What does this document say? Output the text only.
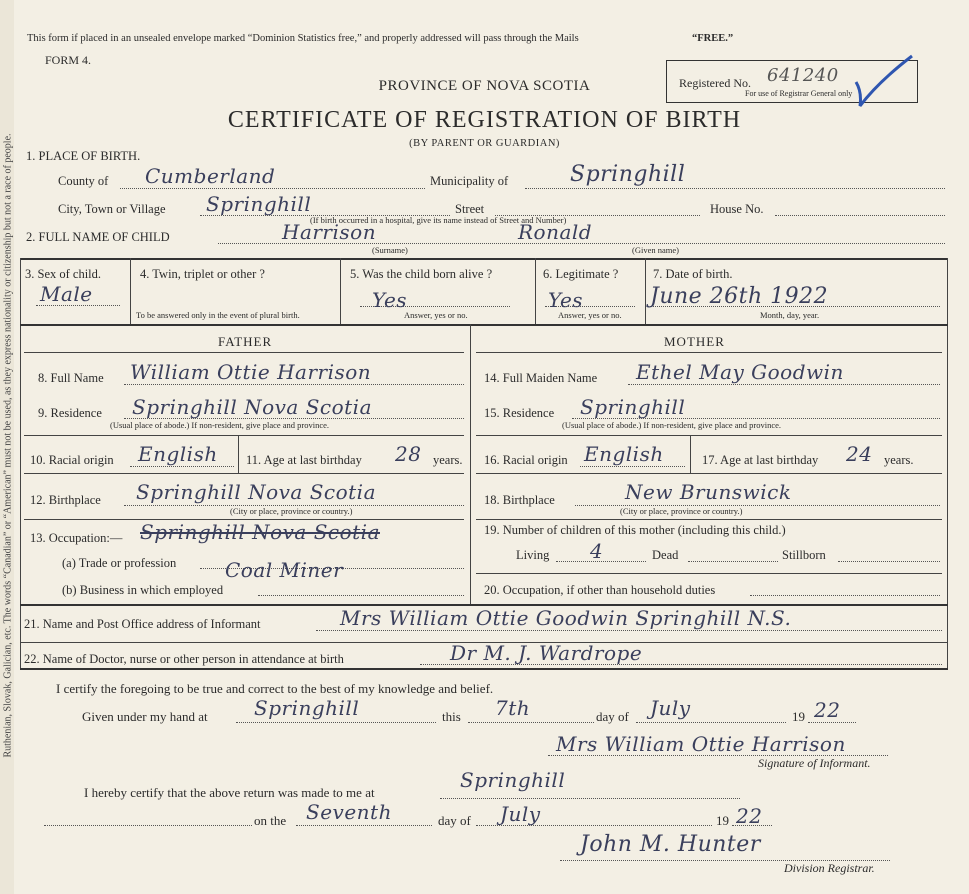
Ruthenian, Slovak, Galician, etc. The words “Canadian” or “American” must not be used, as they express nationality or citizenship but not a race of people.
This form if placed in an unsealed envelope marked “Dominion Statistics free,” and properly addressed will pass through the Mails	“FREE.”
FORM 4.
PROVINCE OF NOVA SCOTIA
CERTIFICATE OF REGISTRATION OF BIRTH
(BY PARENT OR GUARDIAN)
Registered No. 641240
For use of Registrar General only
1. PLACE OF BIRTH.
County of Cumberland	Municipality of	Springhill
City, Town or Village Springhill	Street	House No.
(If birth occurred in a hospital, give its name instead of Street and Number)
2. FULL NAME OF CHILD	Harrison	Ronald
(Surname)	(Given name)
3. Sex of child.
Male
4. Twin, triplet or other ?
To be answered only in the event of plural birth.
5. Was the child born alive ?
Yes
Answer, yes or no.
6. Legitimate ?
Yes
Answer, yes or no.
7. Date of birth.
June 26th 1922
Month, day, year.
FATHER
8. Full Name William Ottie Harrison
9. Residence Springhill Nova Scotia
(Usual place of abode.) If non-resident, give place and province.
10. Racial origin English 11. Age at last birthday 28 years.
12. Birthplace Springhill Nova Scotia
(City or place, province or country.)
13. Occupation:— Springhill Nova Scotia
(a) Trade or profession Coal Miner
(b) Business in which employed
MOTHER
14. Full Maiden Name Ethel May Goodwin
15. Residence Springhill
(Usual place of abode.) If non-resident, give place and province.
16. Racial origin English	17. Age at last birthday 24 years.
18. Birthplace	New Brunswick
(City or place, province or country.)
19. Number of children of this mother (including this child.)
Living 4	Dead	Stillborn
20. Occupation, if other than household duties
21. Name and Post Office address of Informant	Mrs William Ottie Goodwin Springhill N.S.
22. Name of Doctor, nurse or other person in attendance at birth	Dr M. J. Wardrope
I certify the foregoing to be true and correct to the best of my knowledge and belief.
Given under my hand at Springhill	this 7th	day of July	19 22
Mrs William Ottie Harrison
Signature of Informant.
I hereby certify that the above return was made to me at
Springhill
on the Seventh	day of July	19 22
John M. Hunter
Division Registrar.
